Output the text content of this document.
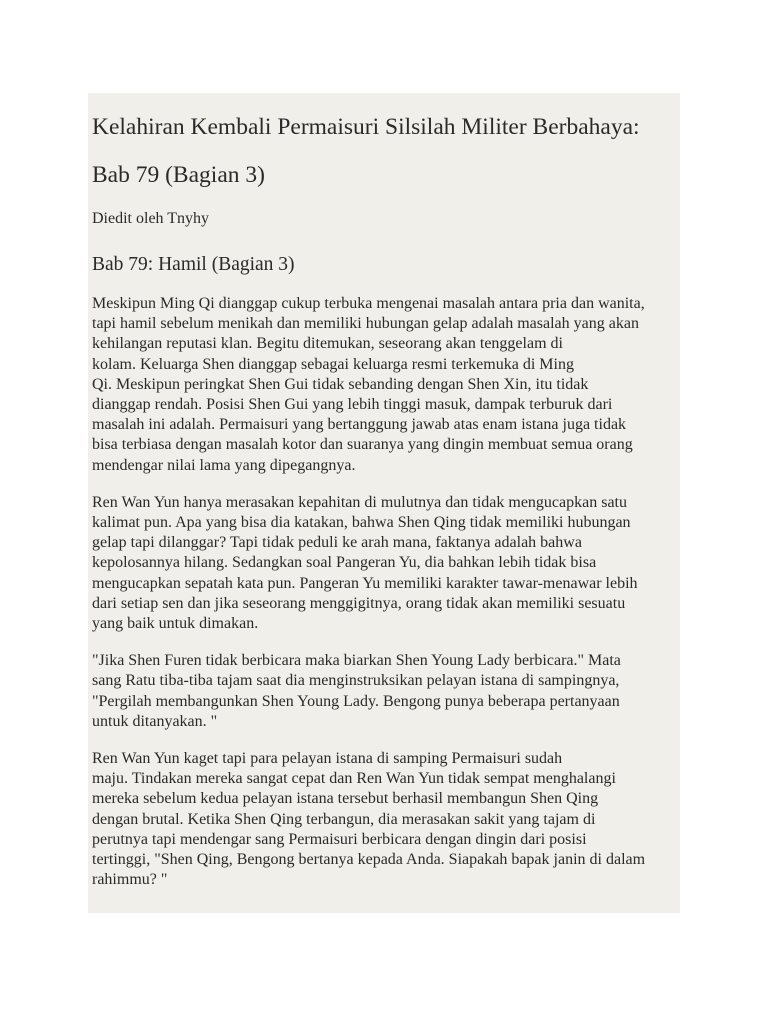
Kelahiran Kembali Permaisuri Silsilah Militer Berbahaya:
Bab 79 (Bagian 3)

Diedit oleh Tnyhy

Bab 79: Hamil (Bagian 3)

Meskipun Ming Qi dianggap cukup terbuka mengenai masalah antara pria dan wanita,
tapi hamil sebelum menikah dan memiliki hubungan gelap adalah masalah yang akan
kehilangan reputasi klan. Begitu ditemukan, seseorang akan tenggelam di
kolam. Keluarga Shen dianggap sebagai keluarga resmi terkemuka di Ming
Qi. Meskipun peringkat Shen Gui tidak sebanding dengan Shen Xin, itu tidak
dianggap rendah. Posisi Shen Gui yang lebih tinggi masuk, dampak terburuk dari
masalah ini adalah. Permaisuri yang bertanggung jawab atas enam istana juga tidak
bisa terbiasa dengan masalah kotor dan suaranya yang dingin membuat semua orang
mendengar nilai lama yang dipegangnya.

Ren Wan Yun hanya merasakan kepahitan di mulutnya dan tidak mengucapkan satu
kalimat pun. Apa yang bisa dia katakan, bahwa Shen Qing tidak memiliki hubungan
gelap tapi dilanggar? Tapi tidak peduli ke arah mana, faktanya adalah bahwa
kepolosannya hilang. Sedangkan soal Pangeran Yu, dia bahkan lebih tidak bisa
mengucapkan sepatah kata pun. Pangeran Yu memiliki karakter tawar-menawar lebih
dari setiap sen dan jika seseorang menggigitnya, orang tidak akan memiliki sesuatu
yang baik untuk dimakan.

"Jika Shen Furen tidak berbicara maka biarkan Shen Young Lady berbicara." Mata
sang Ratu tiba-tiba tajam saat dia menginstruksikan pelayan istana di sampingnya,
"Pergilah membangunkan Shen Young Lady. Bengong punya beberapa pertanyaan
untuk ditanyakan. "

Ren Wan Yun kaget tapi para pelayan istana di samping Permaisuri sudah
maju. Tindakan mereka sangat cepat dan Ren Wan Yun tidak sempat menghalangi
mereka sebelum kedua pelayan istana tersebut berhasil membangun Shen Qing
dengan brutal. Ketika Shen Qing terbangun, dia merasakan sakit yang tajam di
perutnya tapi mendengar sang Permaisuri berbicara dengan dingin dari posisi
tertinggi, "Shen Qing, Bengong bertanya kepada Anda. Siapakah bapak janin di dalam
rahimmu? "
